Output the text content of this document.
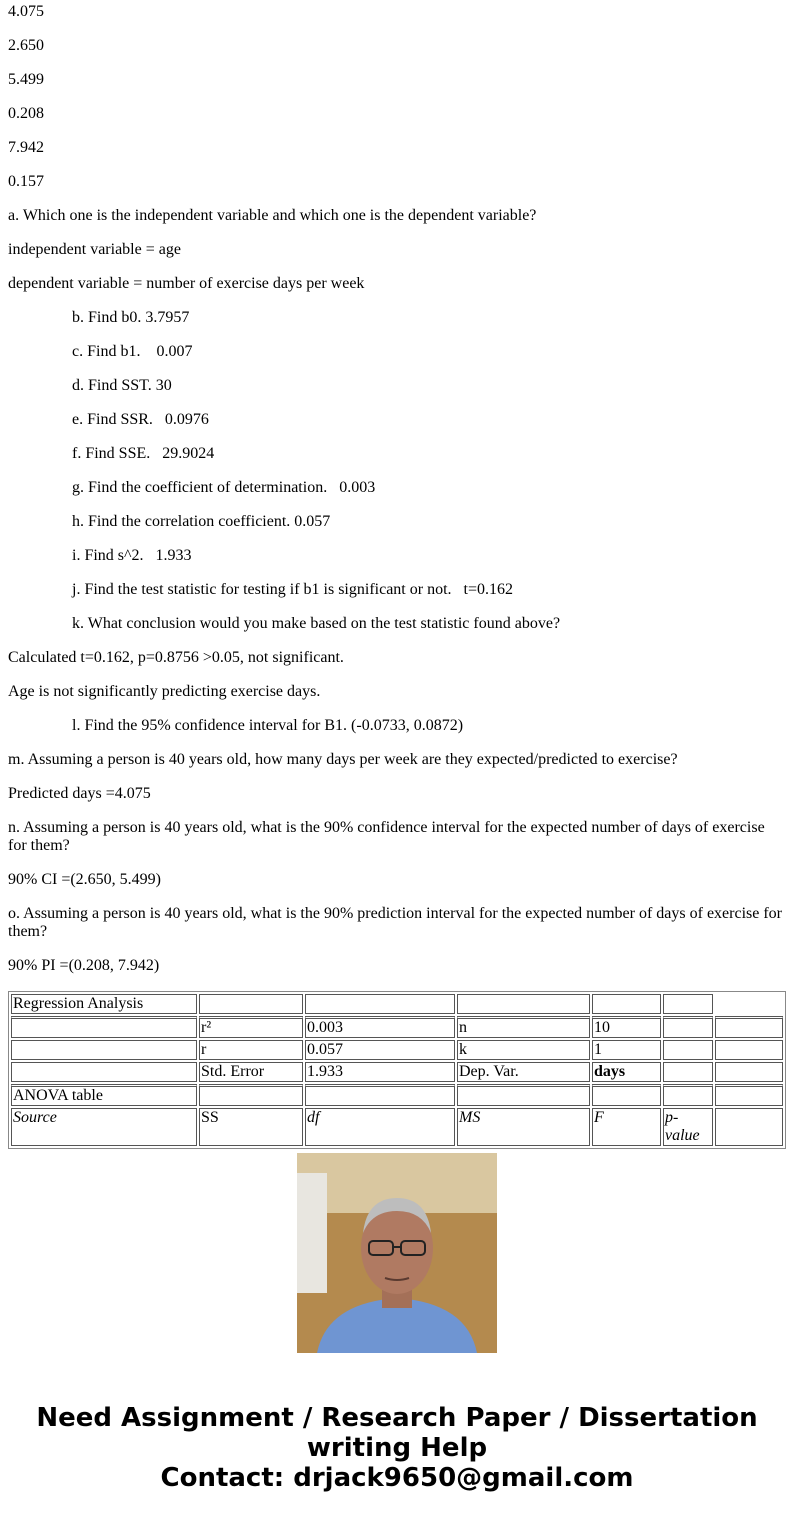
4.075

2.650

5.499

0.208

7.942

0.157

a. Which one is the independent variable and which one is the dependent variable?

independent variable = age

dependent variable = number of exercise days per week

b. Find b0. 3.7957

c. Find b1.    0.007

d. Find SST. 30

e. Find SSR.   0.0976

f. Find SSE.   29.9024

g. Find the coefficient of determination.   0.003

h. Find the correlation coefficient. 0.057

i. Find s^2.   1.933

j. Find the test statistic for testing if b1 is significant or not.   t=0.162

k. What conclusion would you make based on the test statistic found above?

Calculated t=0.162, p=0.8756 >0.05, not significant.

Age is not significantly predicting exercise days.

l. Find the 95% confidence interval for B1. (-0.0733, 0.0872)

m. Assuming a person is 40 years old, how many days per week are they expected/predicted to exercise?

Predicted days =4.075

n. Assuming a person is 40 years old, what is the 90% confidence interval for the expected number of days of exercise for them?

90% CI =(2.650, 5.499)

o. Assuming a person is 40 years old, what is the 90% prediction interval for the expected number of days of exercise for them?

90% PI =(0.208, 7.942)

Regression Analysis						
	r²	0.003	n	10		
	r	0.057	k	1		
	Std. Error	1.933	Dep. Var.	days		
ANOVA table						
Source	SS	df	MS	F	p-value	
Need Assignment / Research Paper / Dissertation writing Help
Contact: drjack9650@gmail.com
